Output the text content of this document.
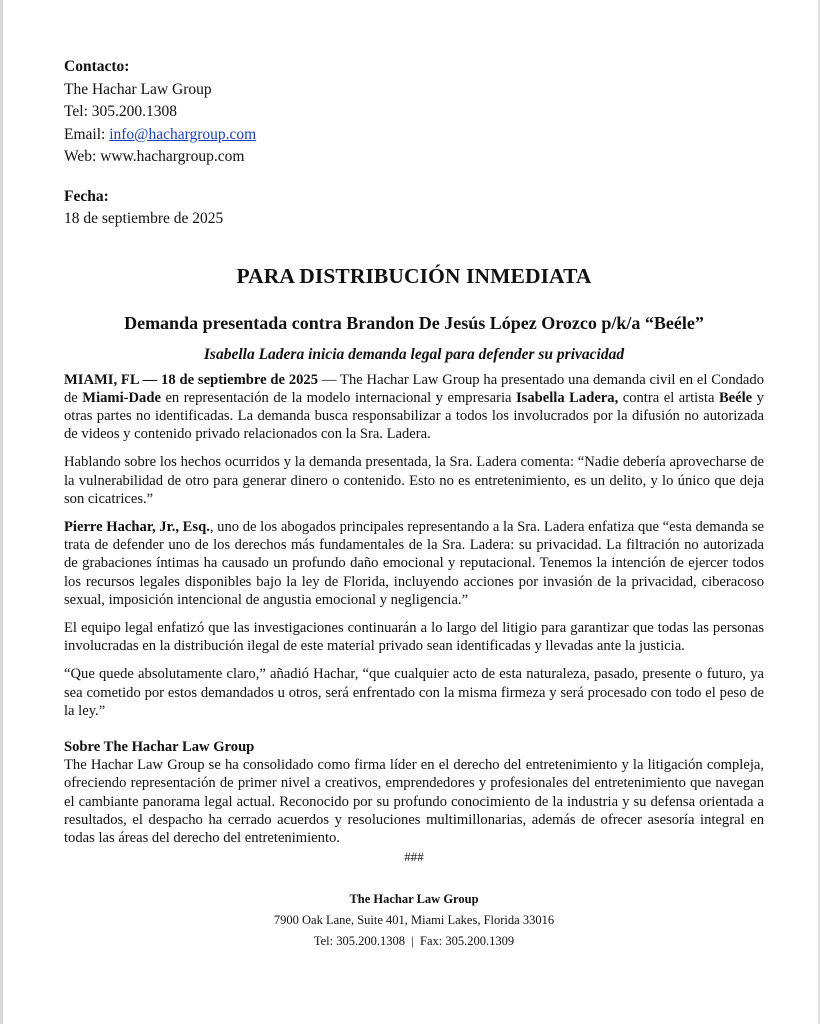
Contacto:
The Hachar Law Group
Tel: 305.200.1308
Email: info@hachargroup.com
Web: www.hachargroup.com
Fecha:
18 de septiembre de 2025
PARA DISTRIBUCIÓN INMEDIATA
Demanda presentada contra Brandon De Jesús López Orozco p/k/a “Beéle”
Isabella Ladera inicia demanda legal para defender su privacidad

MIAMI, FL — 18 de septiembre de 2025 — The Hachar Law Group ha presentado una demanda civil en el Condado de Miami-Dade en representación de la modelo internacional y empresaria Isabella Ladera, contra el artista Beéle y otras partes no identificadas. La demanda busca responsabilizar a todos los involucrados por la difusión no autorizada de videos y contenido privado relacionados con la Sra. Ladera.

Hablando sobre los hechos ocurridos y la demanda presentada, la Sra. Ladera comenta: “Nadie debería aprovecharse de la vulnerabilidad de otro para generar dinero o contenido. Esto no es entretenimiento, es un delito, y lo único que deja son cicatrices.”

Pierre Hachar, Jr., Esq., uno de los abogados principales representando a la Sra. Ladera enfatiza que “esta demanda se trata de defender uno de los derechos más fundamentales de la Sra. Ladera: su privacidad. La filtración no autorizada de grabaciones íntimas ha causado un profundo daño emocional y reputacional. Tenemos la intención de ejercer todos los recursos legales disponibles bajo la ley de Florida, incluyendo acciones por invasión de la privacidad, ciberacoso sexual, imposición intencional de angustia emocional y negligencia.”

El equipo legal enfatizó que las investigaciones continuarán a lo largo del litigio para garantizar que todas las personas involucradas en la distribución ilegal de este material privado sean identificadas y llevadas ante la justicia.

“Que quede absolutamente claro,” añadió Hachar, “que cualquier acto de esta naturaleza, pasado, presente o futuro, ya sea cometido por estos demandados u otros, será enfrentado con la misma firmeza y será procesado con todo el peso de la ley.”

Sobre The Hachar Law Group

The Hachar Law Group se ha consolidado como firma líder en el derecho del entretenimiento y la litigación compleja, ofreciendo representación de primer nivel a creativos, emprendedores y profesionales del entretenimiento que navegan el cambiante panorama legal actual. Reconocido por su profundo conocimiento de la industria y su defensa orientada a resultados, el despacho ha cerrado acuerdos y resoluciones multimillonarias, además de ofrecer asesoría integral en todas las áreas del derecho del entretenimiento.

###
The Hachar Law Group
7900 Oak Lane, Suite 401, Miami Lakes, Florida 33016
Tel: 305.200.1308  |  Fax: 305.200.1309
